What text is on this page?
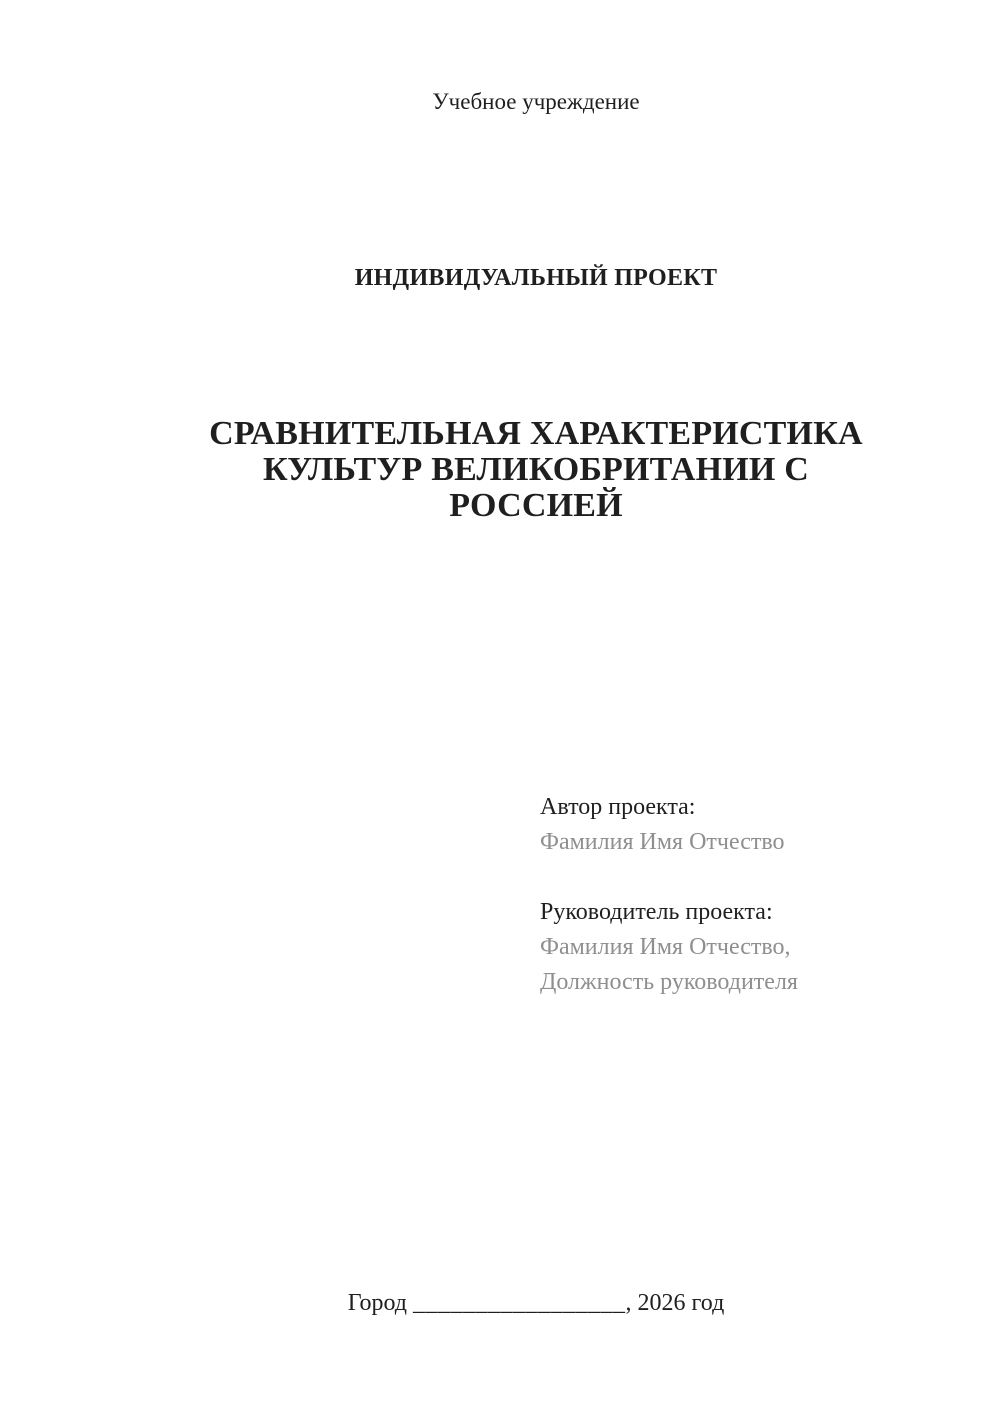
Учебное учреждение
ИНДИВИДУАЛЬНЫЙ ПРОЕКТ
СРАВНИТЕЛЬНАЯ ХАРАКТЕРИСТИКА
КУЛЬТУР ВЕЛИКОБРИТАНИИ С
РОССИЕЙ
Автор проекта:
Фамилия Имя Отчество
Руководитель проекта:
Фамилия Имя Отчество,
Должность руководителя
Город _________________, 2026 год
